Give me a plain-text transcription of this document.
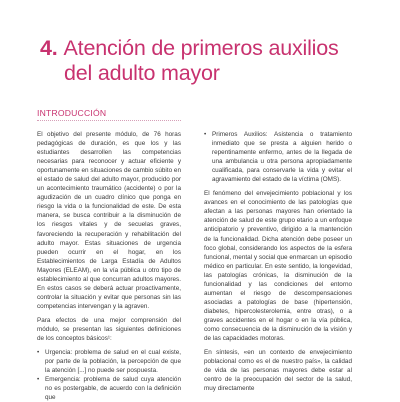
4. Atención de primeros auxilios
del adulto mayor
INTRODUCCIÓN

El objetivo del presente módulo, de 76 horas pedagógicas de duración, es que los y las estudiantes desarrollen las competencias necesarias para reconocer y actuar eficiente y oportunamente en situaciones de cambio súbito en el estado de salud del adulto mayor, producido por un acontecimiento traumático (accidente) o por la agudización de un cuadro clínico que ponga en riesgo la vida o la funcionalidad de este. De esta manera, se busca contribuir a la disminución de los riesgos vitales y de secuelas graves, favoreciendo la recuperación y rehabilitación del adulto mayor. Estas situaciones de urgencia pueden ocurrir en el hogar, en los Establecimientos de Larga Estadía de Adultos Mayores (ELEAM), en la vía pública u otro tipo de establecimiento al que concurran adultos mayores. En estos casos se deberá actuar proactivamente, controlar la situación y evitar que personas sin las competencias intervengan y la agraven.

Para efectos de una mejor comprensión del módulo, se presentan las siguientes definiciones de los conceptos básicos¹:

• Urgencia: problema de salud en el cual existe, por parte de la población, la percepción de que la atención [...] no puede ser pospuesta.
• Emergencia: problema de salud cuya atención no es postergable, de acuerdo con la definición que
• Primeros Auxilios: Asistencia o tratamiento inmediato que se presta a alguien herido o repentinamente enfermo, antes de la llegada de una ambulancia u otra persona apropiadamente cualificada, para conservarle la vida y evitar el agravamiento del estado de la víctima (OMS).

El fenómeno del envejecimiento poblacional y los avances en el conocimiento de las patologías que afectan a las personas mayores han orientado la atención de salud de este grupo etario a un enfoque anticipatorio y preventivo, dirigido a la mantención de la funcionalidad. Dicha atención debe poseer un foco global, considerando los aspectos de la esfera funcional, mental y social que enmarcan un episodio médico en particular. En este sentido, la longevidad, las patologías crónicas, la disminución de la funcionalidad y las condiciones del entorno aumentan el riesgo de descompensaciones asociadas a patologías de base (hipertensión, diabetes, hipercolesterolemia, entre otras), o a graves accidentes en el hogar o en la vía pública, como consecuencia de la disminución de la visión y de las capacidades motoras.

En síntesis, «en un contexto de envejecimiento poblacional como es el de nuestro país», la calidad de vida de las personas mayores debe estar al centro de la preocupación del sector de la salud, muy directamente
